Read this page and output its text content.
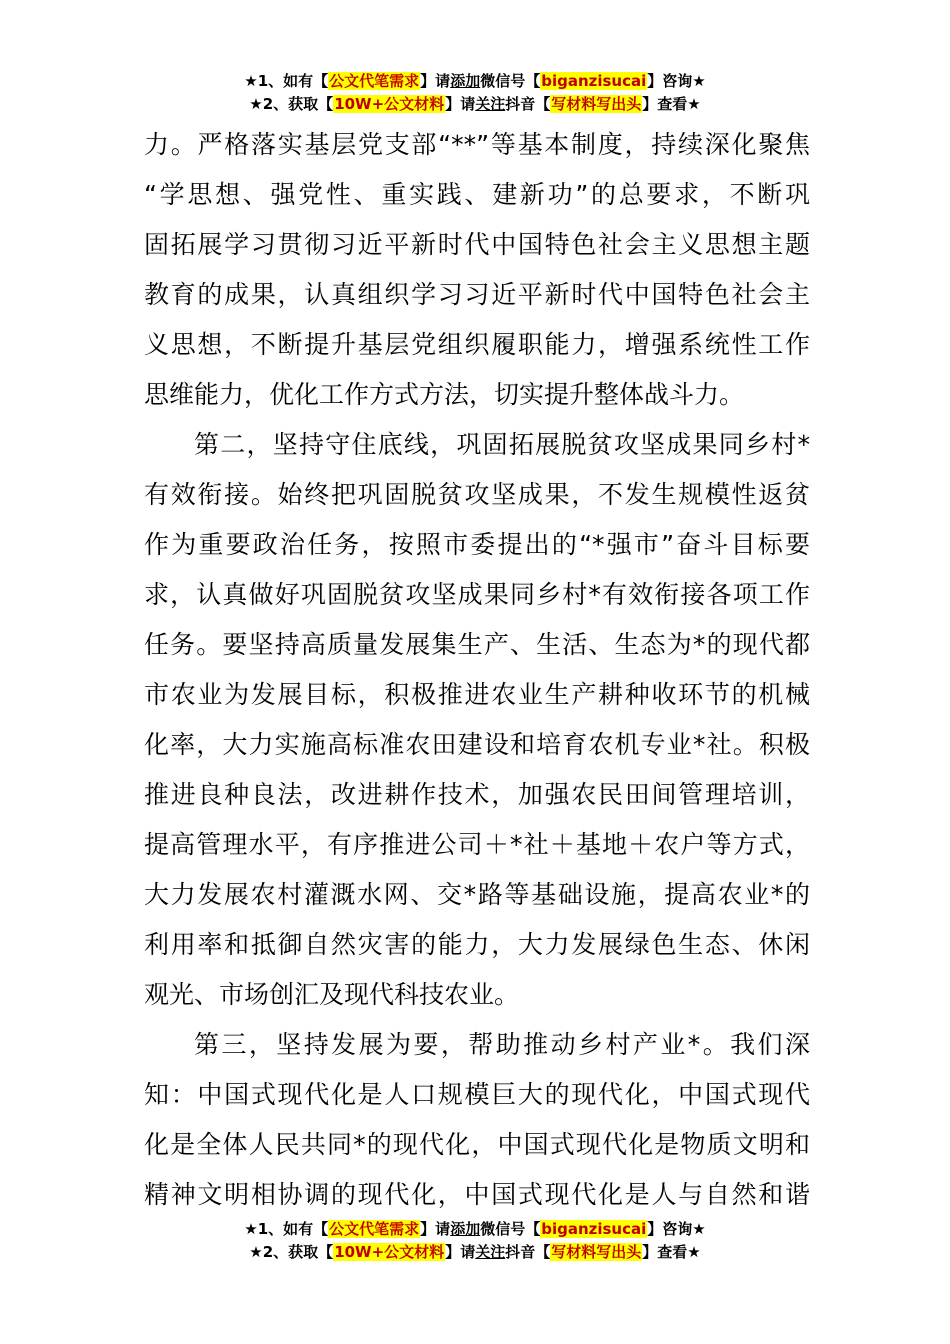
★1、如有【公文代笔需求】请添加微信号【biganzisucai】咨询★
★2、获取【10W+公文材料】请关注抖音【写材料写出头】查看★
力。严格落实基层党支部“**”等基本制度，持续深化聚焦
“学思想、强党性、重实践、建新功”的总要求，不断巩
固拓展学习贯彻习近平新时代中国特色社会主义思想主题
教育的成果，认真组织学习习近平新时代中国特色社会主
义思想，不断提升基层党组织履职能力，增强系统性工作
思维能力，优化工作方式方法，切实提升整体战斗力。
第二，坚持守住底线，巩固拓展脱贫攻坚成果同乡村*
有效衔接。始终把巩固脱贫攻坚成果，不发生规模性返贫
作为重要政治任务，按照市委提出的“*强市”奋斗目标要
求，认真做好巩固脱贫攻坚成果同乡村*有效衔接各项工作
任务。要坚持高质量发展集生产、生活、生态为*的现代都
市农业为发展目标，积极推进农业生产耕种收环节的机械
化率，大力实施高标准农田建设和培育农机专业*社。积极
推进良种良法，改进耕作技术，加强农民田间管理培训，
提高管理水平，有序推进公司＋*社＋基地＋农户等方式，
大力发展农村灌溉水网、交*路等基础设施，提高农业*的
利用率和抵御自然灾害的能力，大力发展绿色生态、休闲
观光、市场创汇及现代科技农业。
第三，坚持发展为要，帮助推动乡村产业*。我们深
知：中国式现代化是人口规模巨大的现代化，中国式现代
化是全体人民共同*的现代化，中国式现代化是物质文明和
精神文明相协调的现代化，中国式现代化是人与自然和谐
★1、如有【公文代笔需求】请添加微信号【biganzisucai】咨询★
★2、获取【10W+公文材料】请关注抖音【写材料写出头】查看★
